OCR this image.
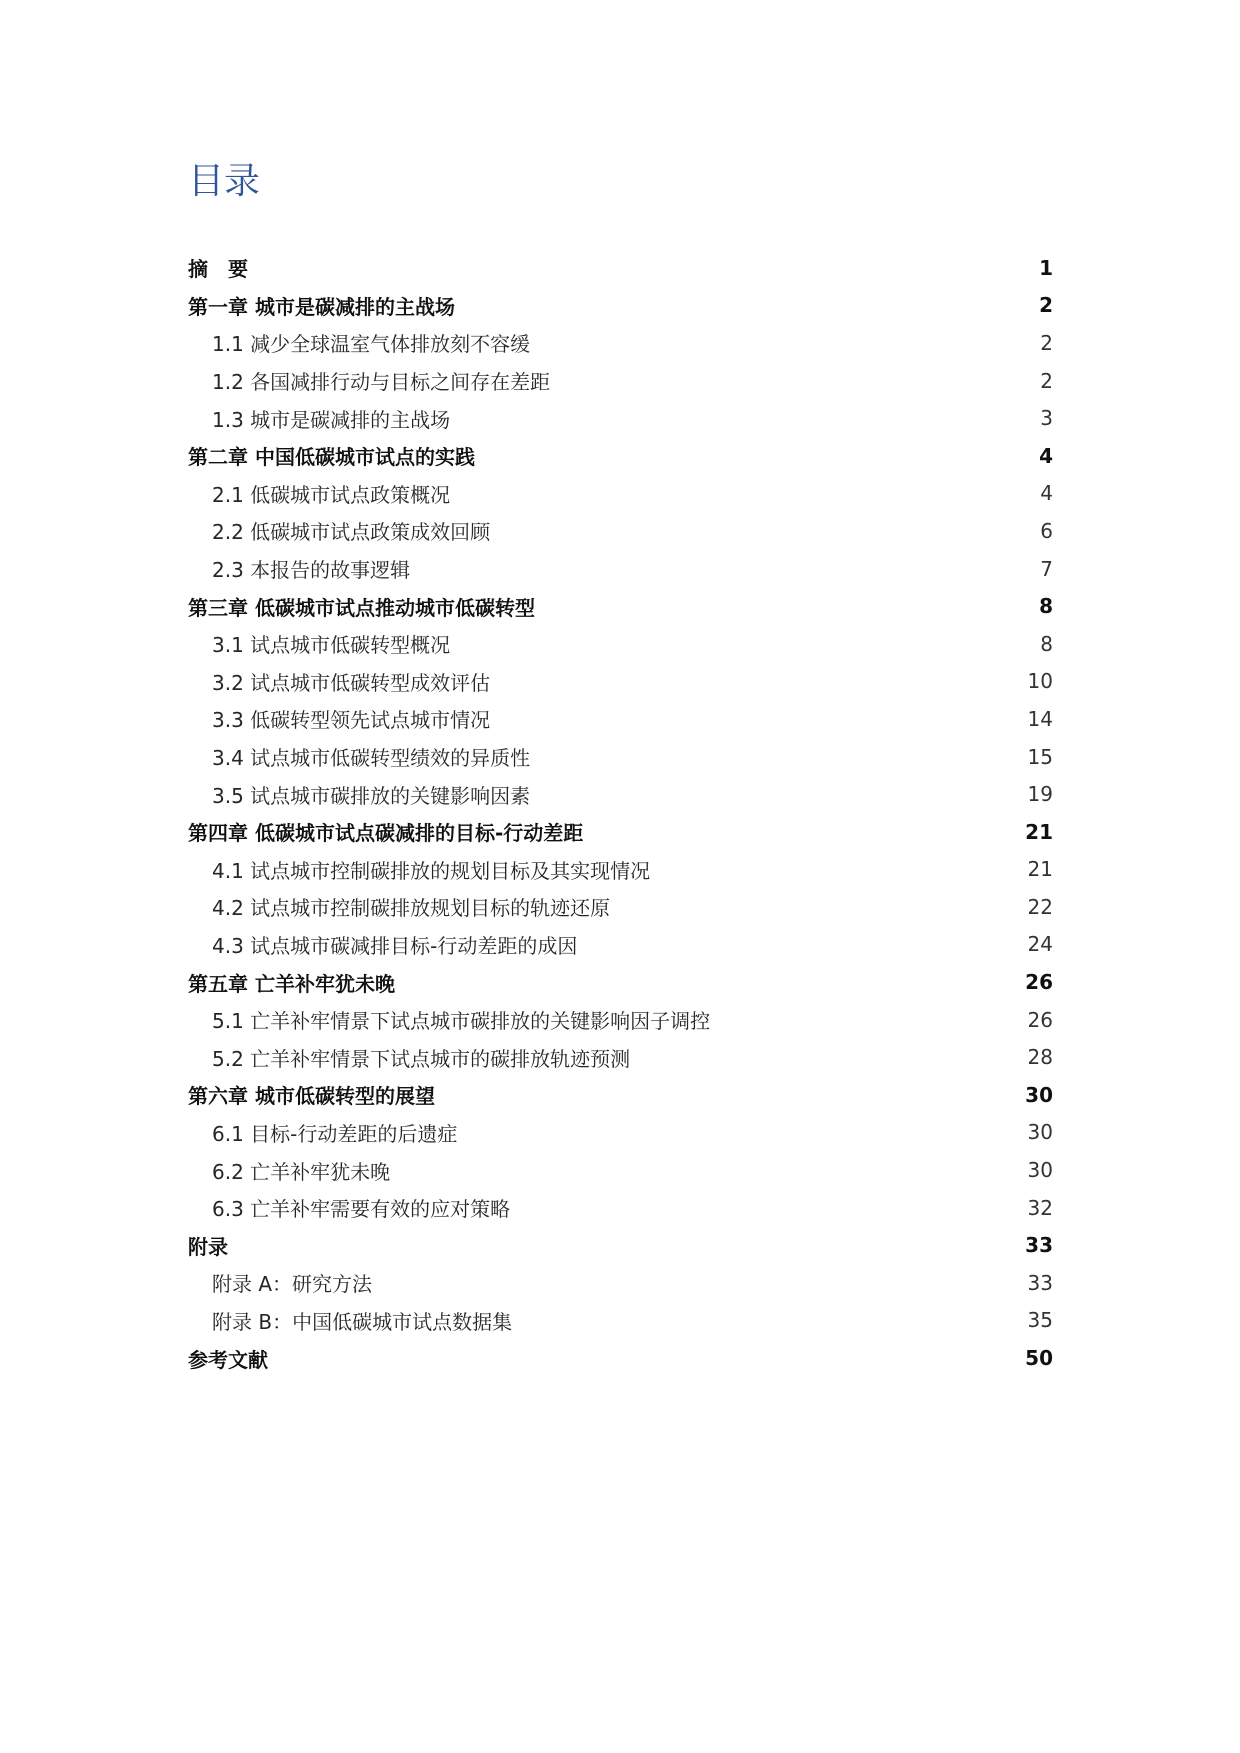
目录
摘　要	1
第一章 城市是碳减排的主战场	2
1.1 减少全球温室气体排放刻不容缓	2
1.2 各国减排行动与目标之间存在差距	2
1.3 城市是碳减排的主战场	3
第二章 中国低碳城市试点的实践	4
2.1 低碳城市试点政策概况	4
2.2 低碳城市试点政策成效回顾	6
2.3 本报告的故事逻辑	7
第三章 低碳城市试点推动城市低碳转型	8
3.1 试点城市低碳转型概况	8
3.2 试点城市低碳转型成效评估	10
3.3 低碳转型领先试点城市情况	14
3.4 试点城市低碳转型绩效的异质性	15
3.5 试点城市碳排放的关键影响因素	19
第四章 低碳城市试点碳减排的目标-行动差距	21
4.1 试点城市控制碳排放的规划目标及其实现情况	21
4.2 试点城市控制碳排放规划目标的轨迹还原	22
4.3 试点城市碳减排目标-行动差距的成因	24
第五章 亡羊补牢犹未晚	26
5.1 亡羊补牢情景下试点城市碳排放的关键影响因子调控	26
5.2 亡羊补牢情景下试点城市的碳排放轨迹预测	28
第六章 城市低碳转型的展望	30
6.1 目标-行动差距的后遗症	30
6.2 亡羊补牢犹未晚	30
6.3 亡羊补牢需要有效的应对策略	32
附录	33
附录 A：研究方法	33
附录 B：中国低碳城市试点数据集	35
参考文献	50
